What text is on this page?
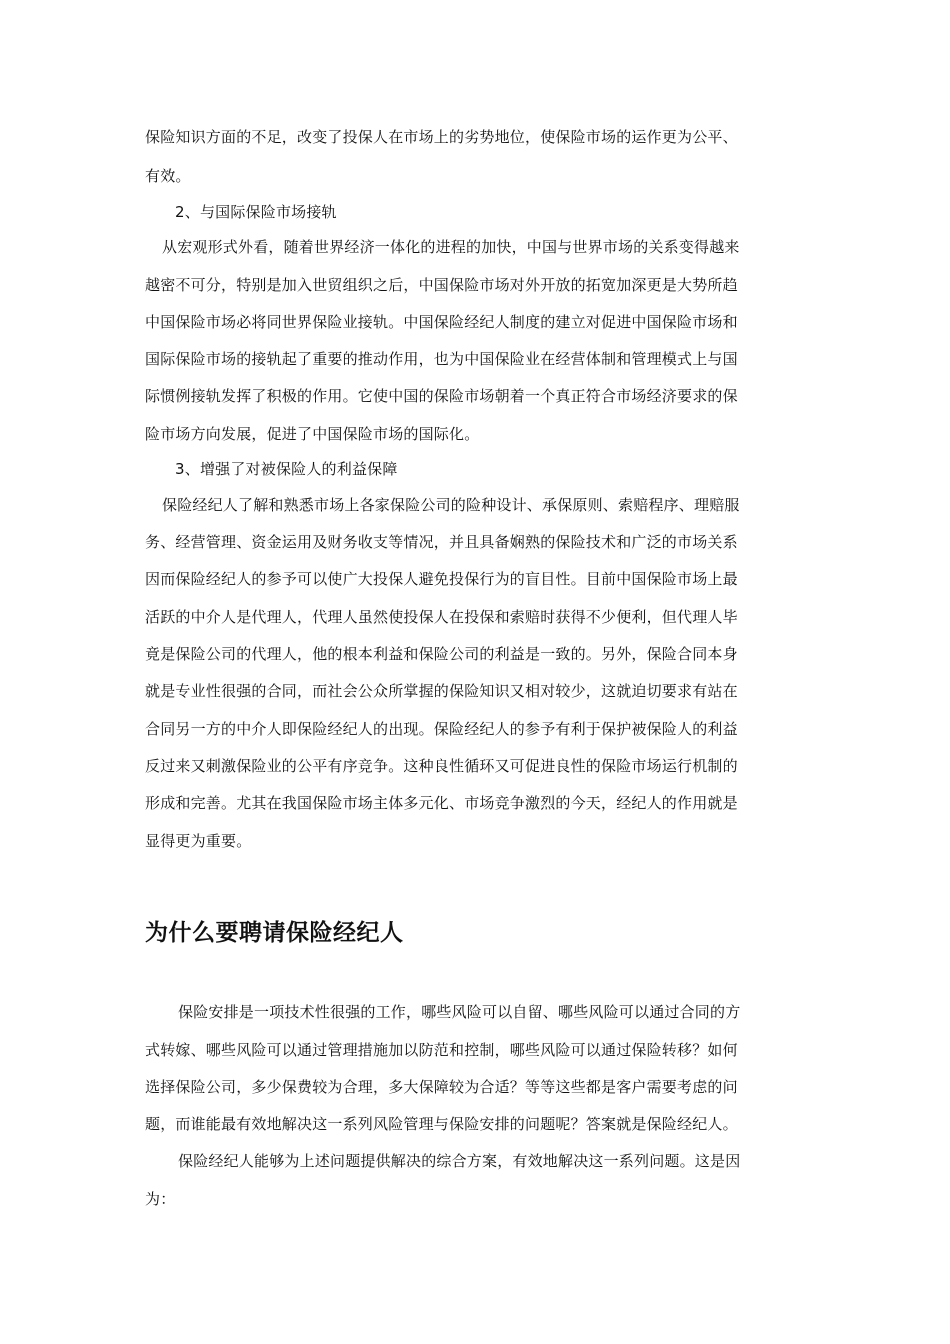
保险知识方面的不足，改变了投保人在市场上的劣势地位，使保险市场的运作更为公平、
有效。
2、与国际保险市场接轨
从宏观形式外看，随着世界经济一体化的进程的加快，中国与世界市场的关系变得越来
越密不可分，特别是加入世贸组织之后，中国保险市场对外开放的拓宽加深更是大势所趋
中国保险市场必将同世界保险业接轨。中国保险经纪人制度的建立对促进中国保险市场和
国际保险市场的接轨起了重要的推动作用，也为中国保险业在经营体制和管理模式上与国
际惯例接轨发挥了积极的作用。它使中国的保险市场朝着一个真正符合市场经济要求的保
险市场方向发展，促进了中国保险市场的国际化。
3、增强了对被保险人的利益保障
保险经纪人了解和熟悉市场上各家保险公司的险种设计、承保原则、索赔程序、理赔服
务、经营管理、资金运用及财务收支等情况，并且具备娴熟的保险技术和广泛的市场关系
因而保险经纪人的参予可以使广大投保人避免投保行为的盲目性。目前中国保险市场上最
活跃的中介人是代理人，代理人虽然使投保人在投保和索赔时获得不少便利，但代理人毕
竟是保险公司的代理人，他的根本利益和保险公司的利益是一致的。另外，保险合同本身
就是专业性很强的合同，而社会公众所掌握的保险知识又相对较少，这就迫切要求有站在
合同另一方的中介人即保险经纪人的出现。保险经纪人的参予有利于保护被保险人的利益
反过来又刺激保险业的公平有序竞争。这种良性循环又可促进良性的保险市场运行机制的
形成和完善。尤其在我国保险市场主体多元化、市场竞争激烈的今天，经纪人的作用就是
显得更为重要。
为什么要聘请保险经纪人
保险安排是一项技术性很强的工作，哪些风险可以自留、哪些风险可以通过合同的方
式转嫁、哪些风险可以通过管理措施加以防范和控制，哪些风险可以通过保险转移？如何
选择保险公司，多少保费较为合理，多大保障较为合适？等等这些都是客户需要考虑的问
题，而谁能最有效地解决这一系列风险管理与保险安排的问题呢？答案就是保险经纪人。
保险经纪人能够为上述问题提供解决的综合方案，有效地解决这一系列问题。这是因
为：
